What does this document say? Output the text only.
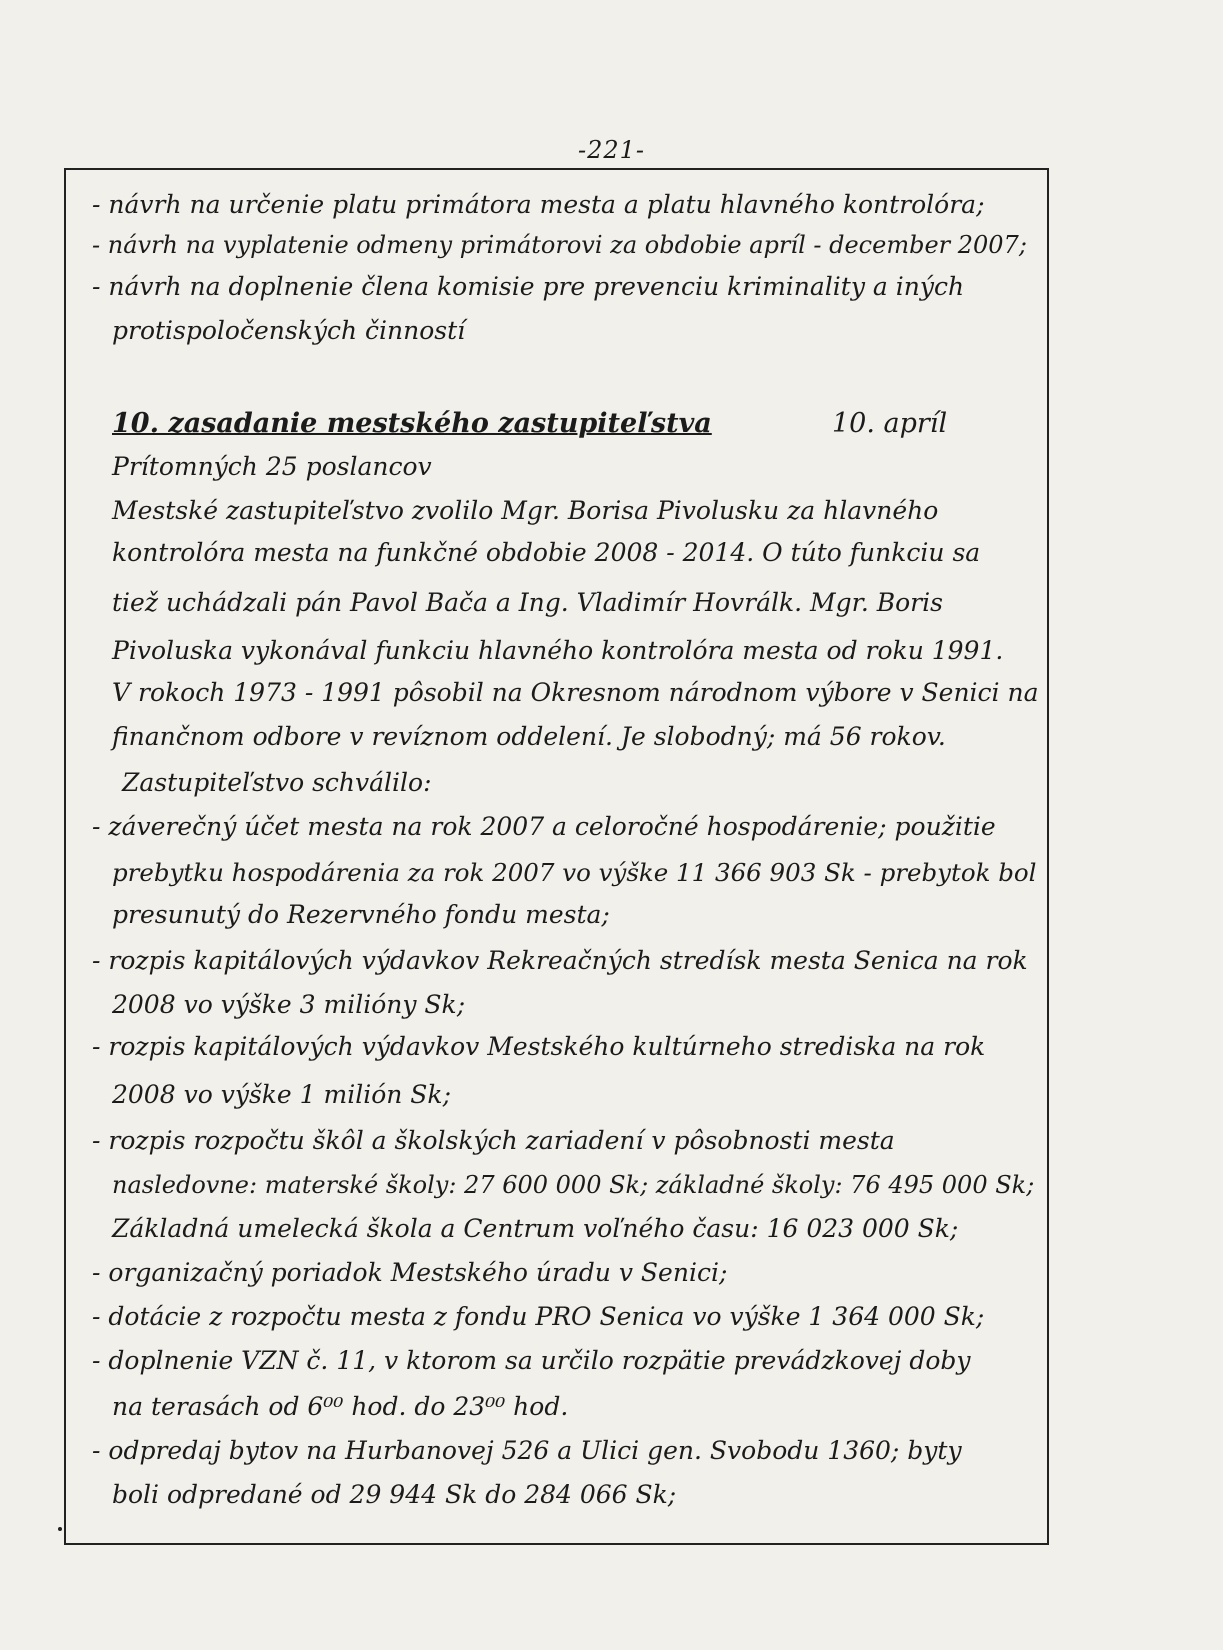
-221-
- návrh na určenie platu primátora mesta a platu hlavného kontrolóra;
- návrh na vyplatenie odmeny primátorovi za obdobie apríl - december 2007;
- návrh na doplnenie člena komisie pre prevenciu kriminality a iných
protispoločenských činností
10. zasadanie mestského zastupiteľstva	10. apríl
Prítomných 25 poslancov
Mestské zastupiteľstvo zvolilo Mgr. Borisa Pivolusku za hlavného
kontrolóra mesta na funkčné obdobie 2008 - 2014. O túto funkciu sa
tiež uchádzali pán Pavol Bača a Ing. Vladimír Hovrálk. Mgr. Boris
Pivoluska vykonával funkciu hlavného kontrolóra mesta od roku 1991.
V rokoch 1973 - 1991 pôsobil na Okresnom národnom výbore v Senici na
finančnom odbore v revíznom oddelení. Je slobodný; má 56 rokov.
Zastupiteľstvo schválilo:
- záverečný účet mesta na rok 2007 a celoročné hospodárenie; použitie
prebytku hospodárenia za rok 2007 vo výške 11 366 903 Sk - prebytok bol
presunutý do Rezervného fondu mesta;
- rozpis kapitálových výdavkov Rekreačných stredísk mesta Senica na rok
2008 vo výške 3 milióny Sk;
- rozpis kapitálových výdavkov Mestského kultúrneho strediska na rok
2008 vo výške 1 milión Sk;
- rozpis rozpočtu škôl a školských zariadení v pôsobnosti mesta
nasledovne: materské školy: 27 600 000 Sk; základné školy: 76 495 000 Sk;
Základná umelecká škola a Centrum voľného času: 16 023 000 Sk;
- organizačný poriadok Mestského úradu v Senici;
- dotácie z rozpočtu mesta z fondu PRO Senica vo výške 1 364 000 Sk;
- doplnenie VZN č. 11, v ktorom sa určilo rozpätie prevádzkovej doby
na terasách od 6⁰⁰ hod. do 23⁰⁰ hod.
- odpredaj bytov na Hurbanovej 526 a Ulici gen. Svobodu 1360; byty
boli odpredané od 29 944 Sk do 284 066 Sk;
